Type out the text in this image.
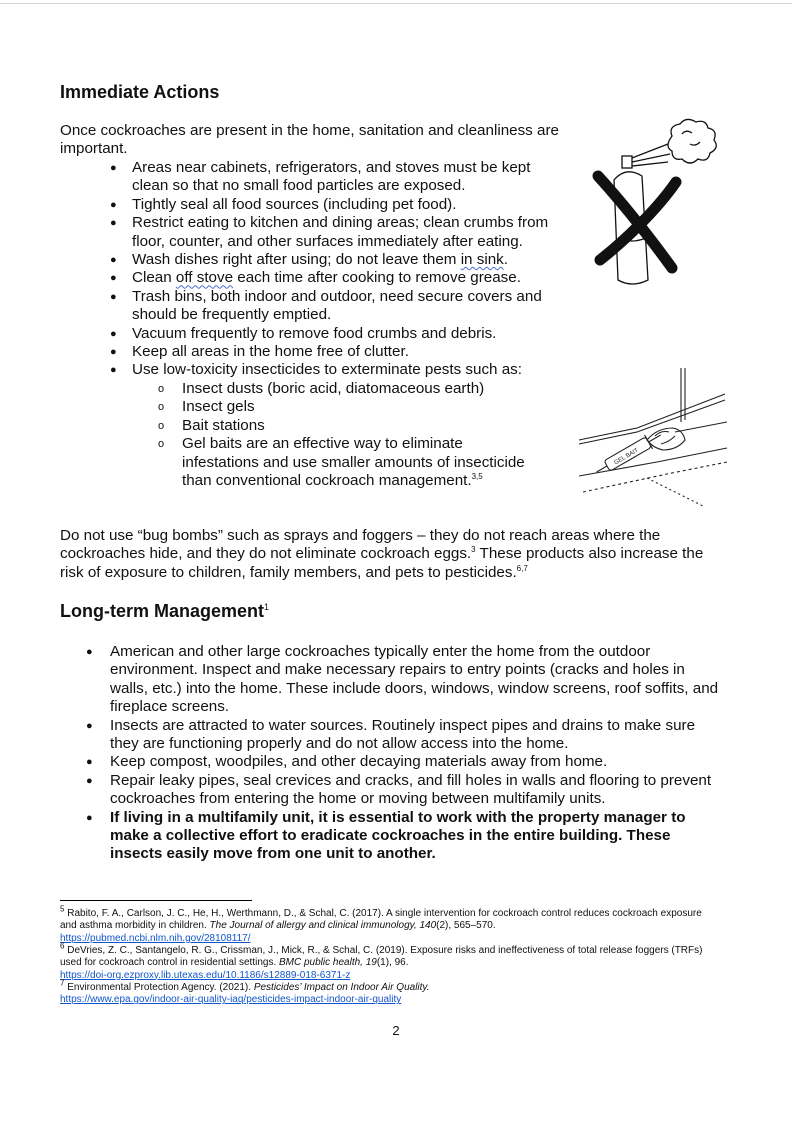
Immediate Actions

Once cockroaches are present in the home, sanitation and cleanliness are important.

● Areas near cabinets, refrigerators, and stoves must be kept clean so that no small food particles are exposed.
● Tightly seal all food sources (including pet food).
● Restrict eating to kitchen and dining areas; clean crumbs from floor, counter, and other surfaces immediately after eating.
● Wash dishes right after using; do not leave them in sink.
● Clean off stove each time after cooking to remove grease.
● Trash bins, both indoor and outdoor, need secure covers and should be frequently emptied.
● Vacuum frequently to remove food crumbs and debris.
● Keep all areas in the home free of clutter.
● Use low-toxicity insecticides to exterminate pests such as:
o Insect dusts (boric acid, diatomaceous earth)
o Insect gels
o Bait stations
o Gel baits are an effective way to eliminate infestations and use smaller amounts of insecticide than conventional cockroach management.$^{3,5}$
GEL BAIT

Do not use “bug bombs” such as sprays and foggers – they do not reach areas where the cockroaches hide, and they do not eliminate cockroach eggs.$^3$ These products also increase the risk of exposure to children, family members, and pets to pesticides.$^{6,7}$

Long-term Management$^1$
● American and other large cockroaches typically enter the home from the outdoor environment. Inspect and make necessary repairs to entry points (cracks and holes in walls, etc.) into the home. These include doors, windows, window screens, roof soffits, and fireplace screens.
● Insects are attracted to water sources. Routinely inspect pipes and drains to make sure they are functioning properly and do not allow access into the home.
● Keep compost, woodpiles, and other decaying materials away from home.
● Repair leaky pipes, seal crevices and cracks, and fill holes in walls and flooring to prevent cockroaches from entering the home or moving between multifamily units.
● If living in a multifamily unit, it is essential to work with the property manager to make a collective effort to eradicate cockroaches in the entire building. These insects easily move from one unit to another.
$^5$ Rabito, F. A., Carlson, J. C., He, H., Werthmann, D., & Schal, C. (2017). A single intervention for cockroach control reduces cockroach exposure and asthma morbidity in children. The Journal of allergy and clinical immunology, 140(2), 565–570.
https://pubmed.ncbi.nlm.nih.gov/28108117/
$^6$ DeVries, Z. C., Santangelo, R. G., Crissman, J., Mick, R., & Schal, C. (2019). Exposure risks and ineffectiveness of total release foggers (TRFs) used for cockroach control in residential settings. BMC public health, 19(1), 96.
https://doi-org.ezproxy.lib.utexas.edu/10.1186/s12889-018-6371-z
$^7$ Environmental Protection Agency. (2021). Pesticides’ Impact on Indoor Air Quality.
https://www.epa.gov/indoor-air-quality-iaq/pesticides-impact-indoor-air-quality
2
